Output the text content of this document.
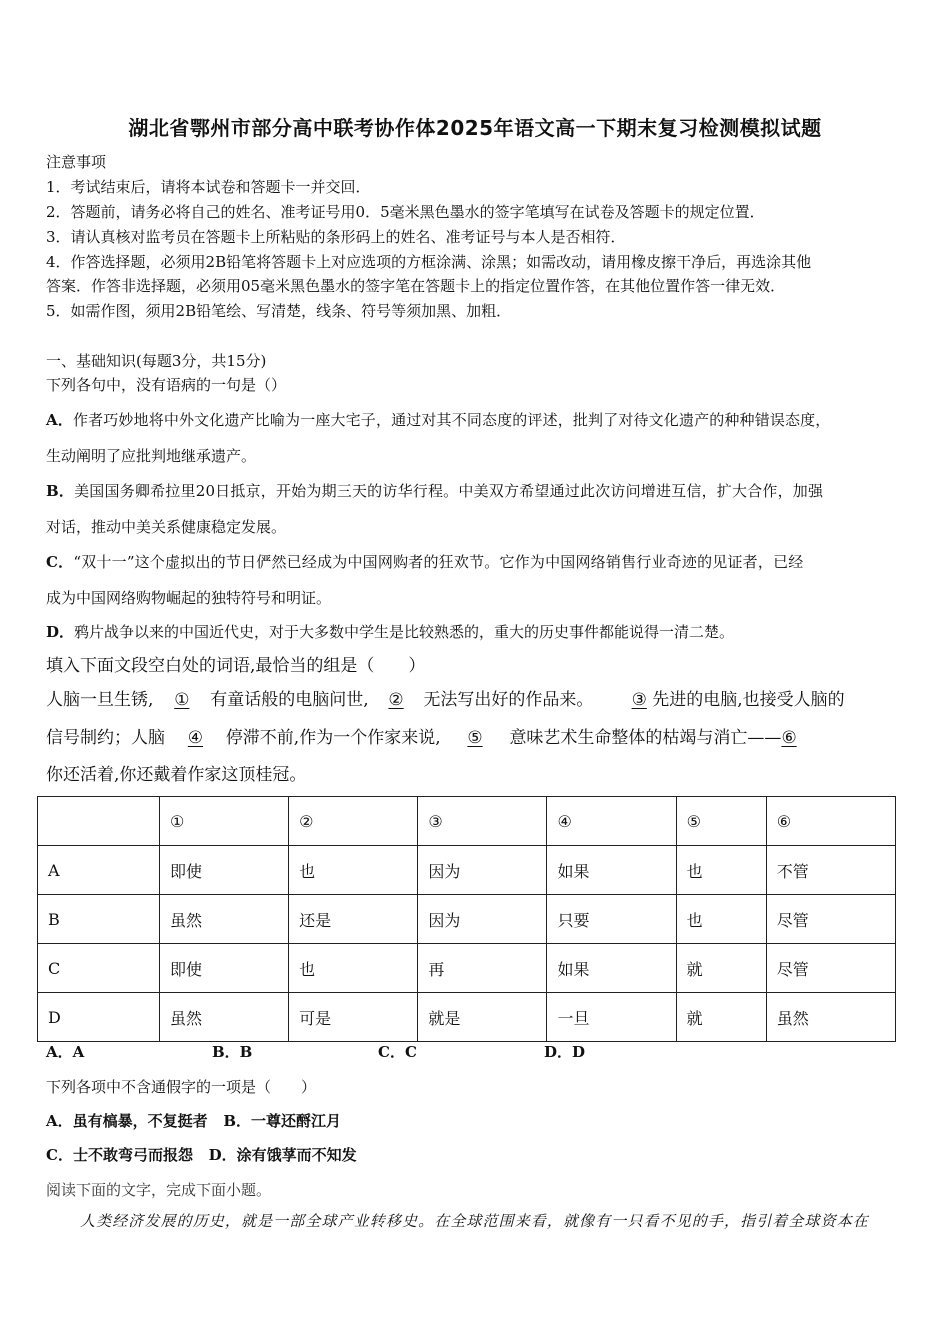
湖北省鄂州市部分高中联考协作体2025年语文高一下期末复习检测模拟试题
注意事项
1．考试结束后，请将本试卷和答题卡一并交回．
2．答题前，请务必将自己的姓名、准考证号用0．5毫米黑色墨水的签字笔填写在试卷及答题卡的规定位置．
3．请认真核对监考员在答题卡上所粘贴的条形码上的姓名、准考证号与本人是否相符．
4．作答选择题，必须用2B铅笔将答题卡上对应选项的方框涂满、涂黑；如需改动，请用橡皮擦干净后，再选涂其他
答案．作答非选择题，必须用05毫米黑色墨水的签字笔在答题卡上的指定位置作答，在其他位置作答一律无效．
5．如需作图，须用2B铅笔绘、写清楚，线条、符号等须加黑、加粗．
一、基础知识(每题3分，共15分)
下列各句中，没有语病的一句是（）
A．作者巧妙地将中外文化遗产比喻为一座大宅子，通过对其不同态度的评述，批判了对待文化遗产的种种错误态度，
生动阐明了应批判地继承遗产。
B．美国国务卿希拉里20日抵京，开始为期三天的访华行程。中美双方希望通过此次访问增进互信，扩大合作，加强
对话，推动中美关系健康稳定发展。
C．“双十一”这个虚拟出的节日俨然已经成为中国网购者的狂欢节。它作为中国网络销售行业奇迹的见证者，已经
成为中国网络购物崛起的独特符号和明证。
D．鸦片战争以来的中国近代史，对于大多数中学生是比较熟悉的，重大的历史事件都能说得一清二楚。
填入下面文段空白处的词语,最恰当的组是（　　）
人脑一旦生锈, ① 有童话般的电脑问世, ② 无法写出好的作品来。 ③ 先进的电脑,也接受人脑的
信号制约；人脑 ④ 停滞不前,作为一个作家来说, ⑤ 意味艺术生命整体的枯竭与消亡——⑥
你还活着,你还戴着作家这顶桂冠。
	①	②	③	④	⑤	⑥
A	即使	也	因为	如果	也	不管
B	虽然	还是	因为	只要	也	尽管
C	即使	也	再	如果	就	尽管
D	虽然	可是	就是	一旦	就	虽然
A．A	B．B	C．C	D．D
下列各项中不含通假字的一项是（　　）
A．虽有槁暴，不复挺者 B．一尊还酹江月
C．士不敢弯弓而报怨 D．涂有饿莩而不知发
阅读下面的文字，完成下面小题。
人类经济发展的历史，就是一部全球产业转移史。在全球范围来看，就像有一只看不见的手，指引着全球资本在
